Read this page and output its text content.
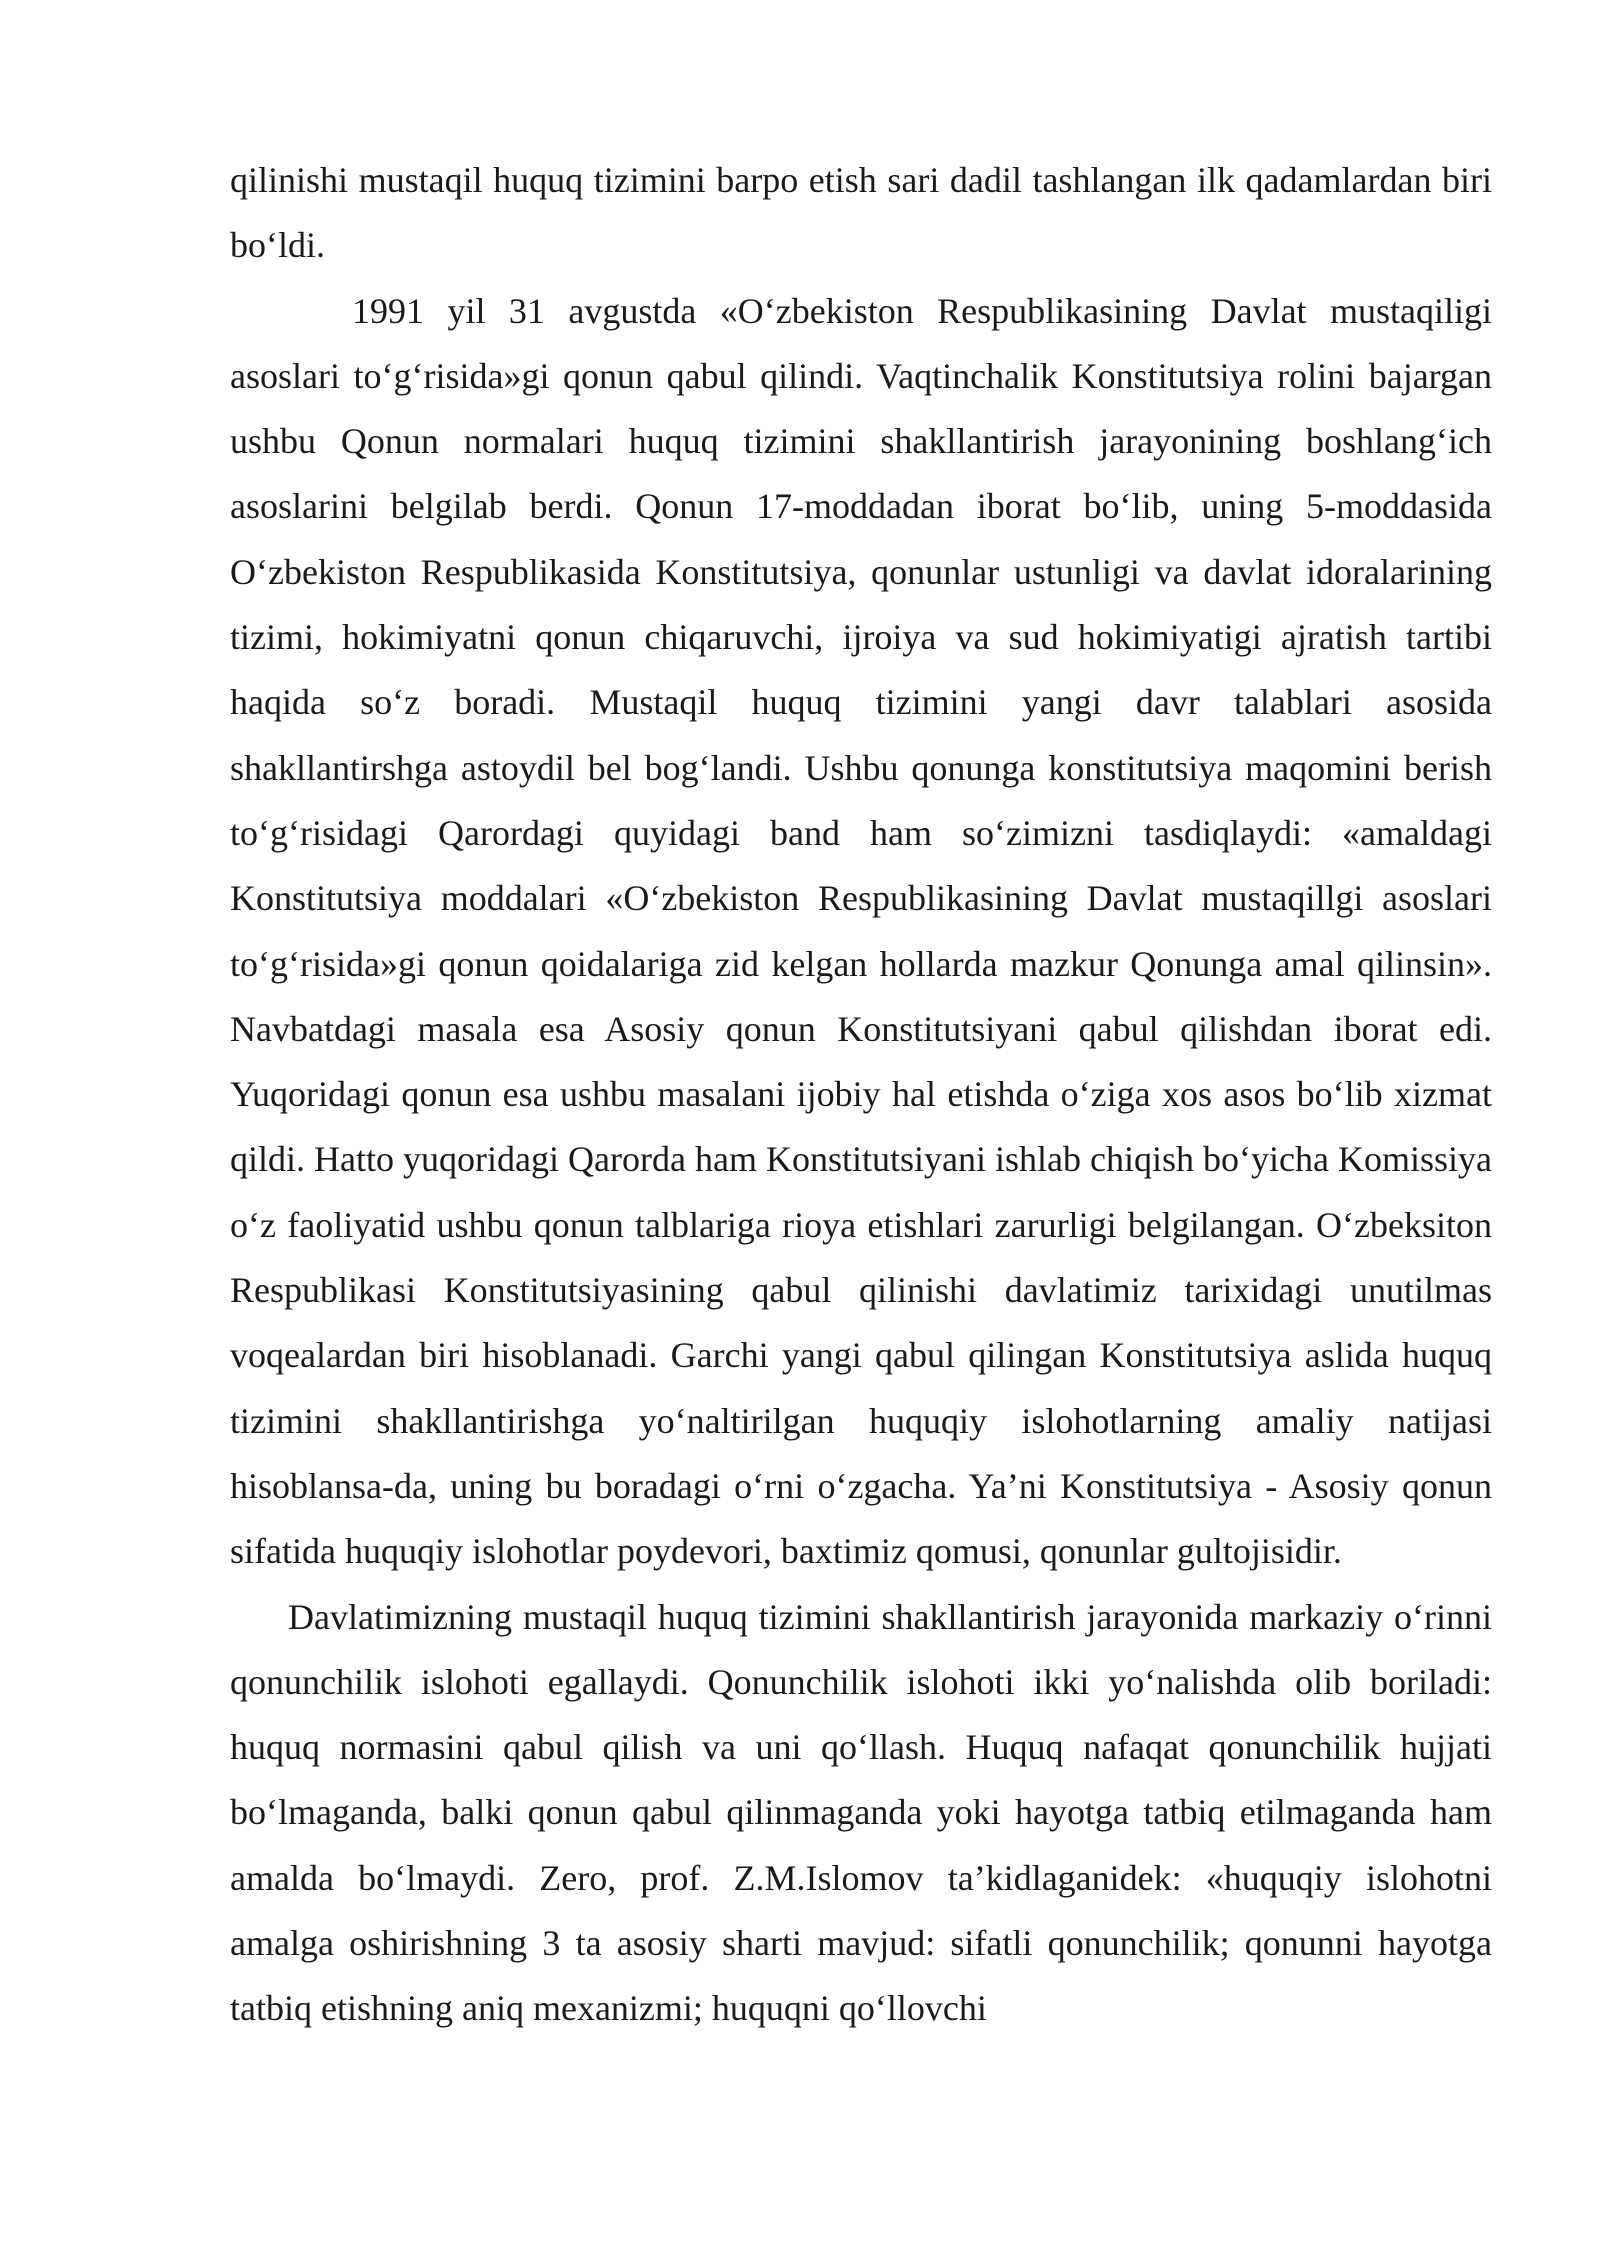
qilinishi mustaqil huquq tizimini barpo etish sari dadil tashlangan ilk qadamlardan biri bo‘ldi.

1991 yil 31 avgustda «O‘zbekiston Respublikasining Davlat mustaqiligi asoslari to‘g‘risida»gi qonun qabul qilindi. Vaqtinchalik Konstitutsiya rolini bajargan ushbu Qonun normalari huquq tizimini shakllantirish jarayonining boshlang‘ich asoslarini belgilab berdi. Qonun 17-moddadan iborat bo‘lib, uning 5-moddasida O‘zbekiston Respublikasida Konstitutsiya, qonunlar ustunligi va davlat idoralarining tizimi, hokimiyatni qonun chiqaruvchi, ijroiya va sud hokimiyatigi ajratish tartibi haqida so‘z boradi. Mustaqil huquq tizimini yangi davr talablari asosida shakllantirshga astoydil bel bog‘landi. Ushbu qonunga konstitutsiya maqomini berish to‘g‘risidagi Qarordagi quyidagi band ham so‘zimizni tasdiqlaydi: «amaldagi Konstitutsiya moddalari «O‘zbekiston Respublikasining Davlat mustaqillgi asoslari to‘g‘risida»gi qonun qoidalariga zid kelgan hollarda mazkur Qonunga amal qilinsin». Navbatdagi masala esa Asosiy qonun Konstitutsiyani qabul qilishdan iborat edi. Yuqoridagi qonun esa ushbu masalani ijobiy hal etishda o‘ziga xos asos bo‘lib xizmat qildi. Hatto yuqoridagi Qarorda ham Konstitutsiyani ishlab chiqish bo‘yicha Komissiya o‘z faoliyatid ushbu qonun talblariga rioya etishlari zarurligi belgilangan. O‘zbeksiton Respublikasi Konstitutsiyasining qabul qilinishi davlatimiz tarixidagi unutilmas voqealardan biri hisoblanadi. Garchi yangi qabul qilingan Konstitutsiya aslida huquq tizimini shakllantirishga yo‘naltirilgan huquqiy islohotlarning amaliy natijasi hisoblansa-da, uning bu boradagi o‘rni o‘zgacha. Ya’ni Konstitutsiya - Asosiy qonun sifatida huquqiy islohotlar poydevori, baxtimiz qomusi, qonunlar gultojisidir.

Davlatimizning mustaqil huquq tizimini shakllantirish jarayonida markaziy o‘rinni qonunchilik islohoti egallaydi. Qonunchilik islohoti ikki yo‘nalishda olib boriladi: huquq normasini qabul qilish va uni qo‘llash. Huquq nafaqat qonunchilik hujjati bo‘lmaganda, balki qonun qabul qilinmaganda yoki hayotga tatbiq etilmaganda ham amalda bo‘lmaydi. Zero, prof. Z.M.Islomov ta’kidlaganidek: «huquqiy islohotni amalga oshirishning 3 ta asosiy sharti mavjud: sifatli qonunchilik; qonunni hayotga tatbiq etishning aniq mexanizmi; huquqni qo‘llovchi
